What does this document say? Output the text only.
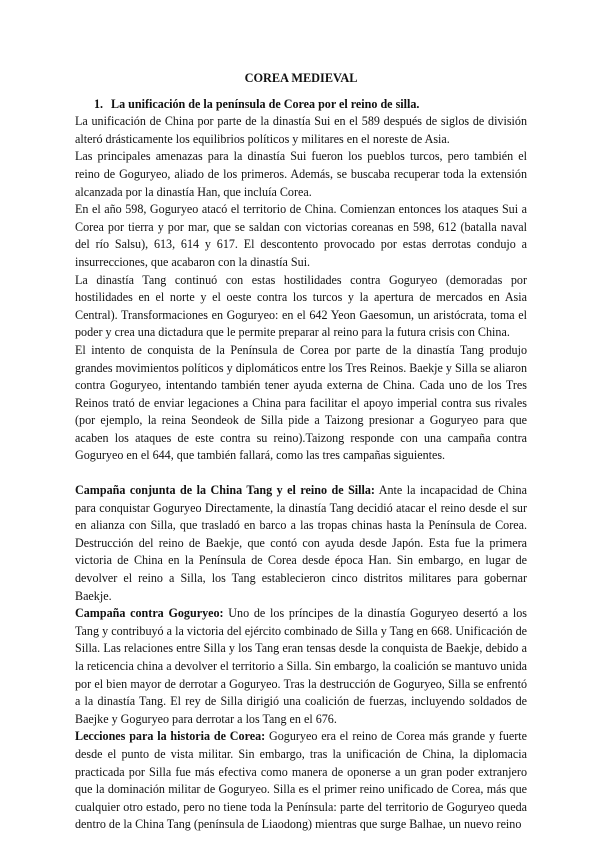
COREA MEDIEVAL

1. La unificación de la península de Corea por el reino de silla.

La unificación de China por parte de la dinastía Sui en el 589 después de siglos de división alteró drásticamente los equilibrios políticos y militares en el noreste de Asia.

Las principales amenazas para la dinastía Sui fueron los pueblos turcos, pero también el reino de Goguryeo, aliado de los primeros. Además, se buscaba recuperar toda la extensión alcanzada por la dinastía Han, que incluía Corea.

En el año 598, Goguryeo atacó el territorio de China. Comienzan entonces los ataques Sui a Corea por tierra y por mar, que se saldan con victorias coreanas en 598, 612 (batalla naval del río Salsu), 613, 614 y 617. El descontento provocado por estas derrotas condujo a insurrecciones, que acabaron con la dinastía Sui.

La dinastía Tang continuó con estas hostilidades contra Goguryeo (demoradas por hostilidades en el norte y el oeste contra los turcos y la apertura de mercados en Asia Central). Transformaciones en Goguryeo: en el 642 Yeon Gaesomun, un aristócrata, toma el poder y crea una dictadura que le permite preparar al reino para la futura crisis con China.

El intento de conquista de la Península de Corea por parte de la dinastía Tang produjo grandes movimientos políticos y diplomáticos entre los Tres Reinos. Baekje y Silla se aliaron contra Goguryeo, intentando también tener ayuda externa de China. Cada uno de los Tres Reinos trató de enviar legaciones a China para facilitar el apoyo imperial contra sus rivales (por ejemplo, la reina Seondeok de Silla pide a Taizong presionar a Goguryeo para que acaben los ataques de este contra su reino).Taizong responde con una campaña contra Goguryeo en el 644, que también fallará, como las tres campañas siguientes.

Campaña conjunta de la China Tang y el reino de Silla: Ante la incapacidad de China para conquistar Goguryeo Directamente, la dinastía Tang decidió atacar el reino desde el sur en alianza con Silla, que trasladó en barco a las tropas chinas hasta la Península de Corea. Destrucción del reino de Baekje, que contó con ayuda desde Japón. Esta fue la primera victoria de China en la Península de Corea desde época Han. Sin embargo, en lugar de devolver el reino a Silla, los Tang establecieron cinco distritos militares para gobernar Baekje.

Campaña contra Goguryeo: Uno de los príncipes de la dinastía Goguryeo desertó a los Tang y contribuyó a la victoria del ejército combinado de Silla y Tang en 668. Unificación de Silla. Las relaciones entre Silla y los Tang eran tensas desde la conquista de Baekje, debido a la reticencia china a devolver el territorio a Silla. Sin embargo, la coalición se mantuvo unida por el bien mayor de derrotar a Goguryeo. Tras la destrucción de Goguryeo, Silla se enfrentó a la dinastía Tang. El rey de Silla dirigió una coalición de fuerzas, incluyendo soldados de Baejke y Goguryeo para derrotar a los Tang en el 676.

Lecciones para la historia de Corea: Goguryeo era el reino de Corea más grande y fuerte desde el punto de vista militar. Sin embargo, tras la unificación de China, la diplomacia practicada por Silla fue más efectiva como manera de oponerse a un gran poder extranjero que la dominación militar de Goguryeo. Silla es el primer reino unificado de Corea, más que cualquier otro estado, pero no tiene toda la Península: parte del territorio de Goguryeo queda dentro de la China Tang (península de Liaodong) mientras que surge Balhae, un nuevo reino
